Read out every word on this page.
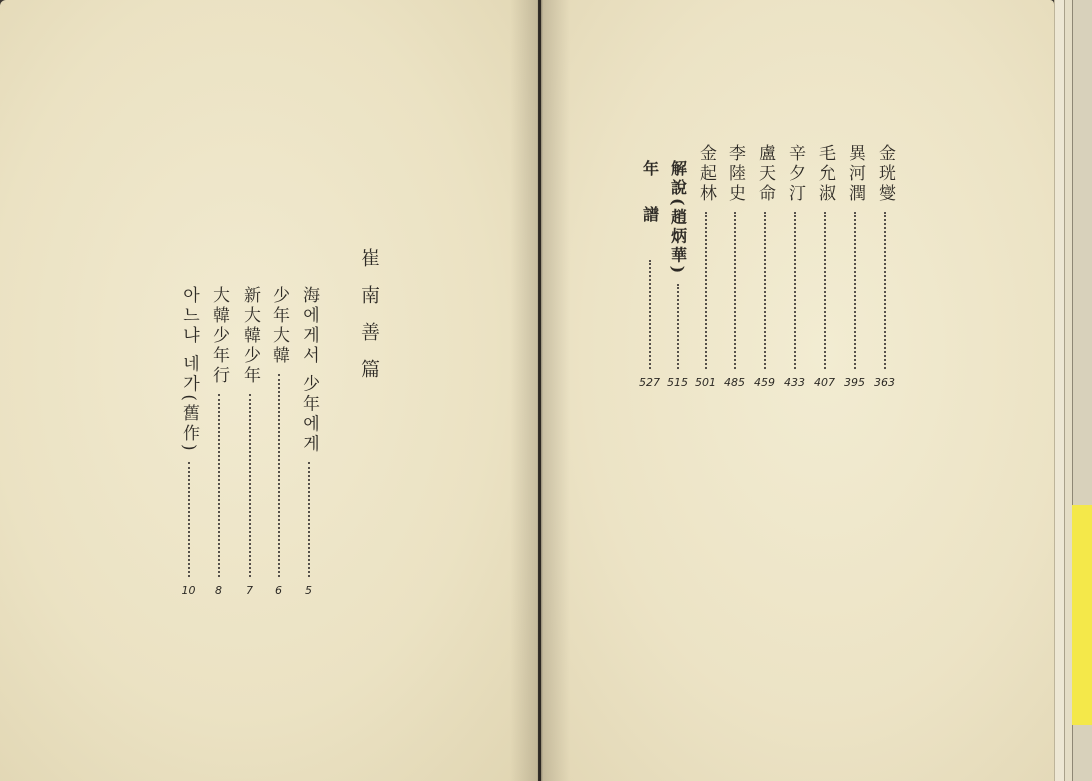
崔南善篇
海에게서 少年에게
5
少年大韓
6
新大韓少年
7
大韓少年行
8
아느냐 네가(舊作)
10
金珖燮
363
異河潤
395
毛允淑
407
辛夕汀
433
盧天命
459
李陸史
485
金起林
501
解說(趙炳華)
515
年譜
527
